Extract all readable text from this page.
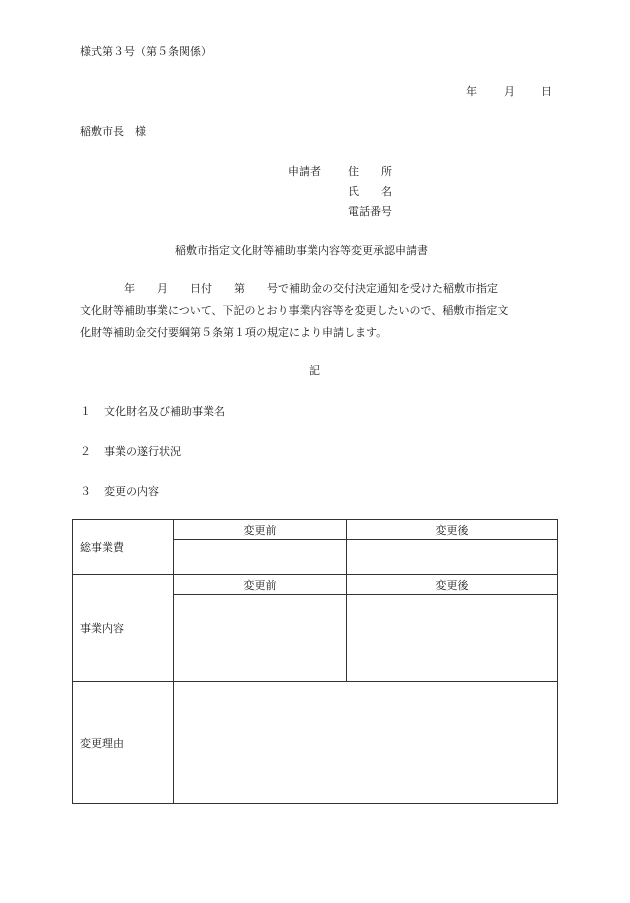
様式第３号（第５条関係）
年 月 日
稲敷市長　様
申請者 住　　所
氏　　名
電話番号
稲敷市指定文化財等補助事業内容等変更承認申請書
　　　　年　　月　　日付　　第　　号で補助金の交付決定通知を受けた稲敷市指定
文化財等補助事業について、下記のとおり事業内容等を変更したいので、稲敷市指定文
化財等補助金交付要綱第５条第１項の規定により申請します。
記
１ 文化財名及び補助事業名
２ 事業の遂行状況
３ 変更の内容
総事業費	変更前	変更後

事業内容	変更前	変更後

変更理由		
